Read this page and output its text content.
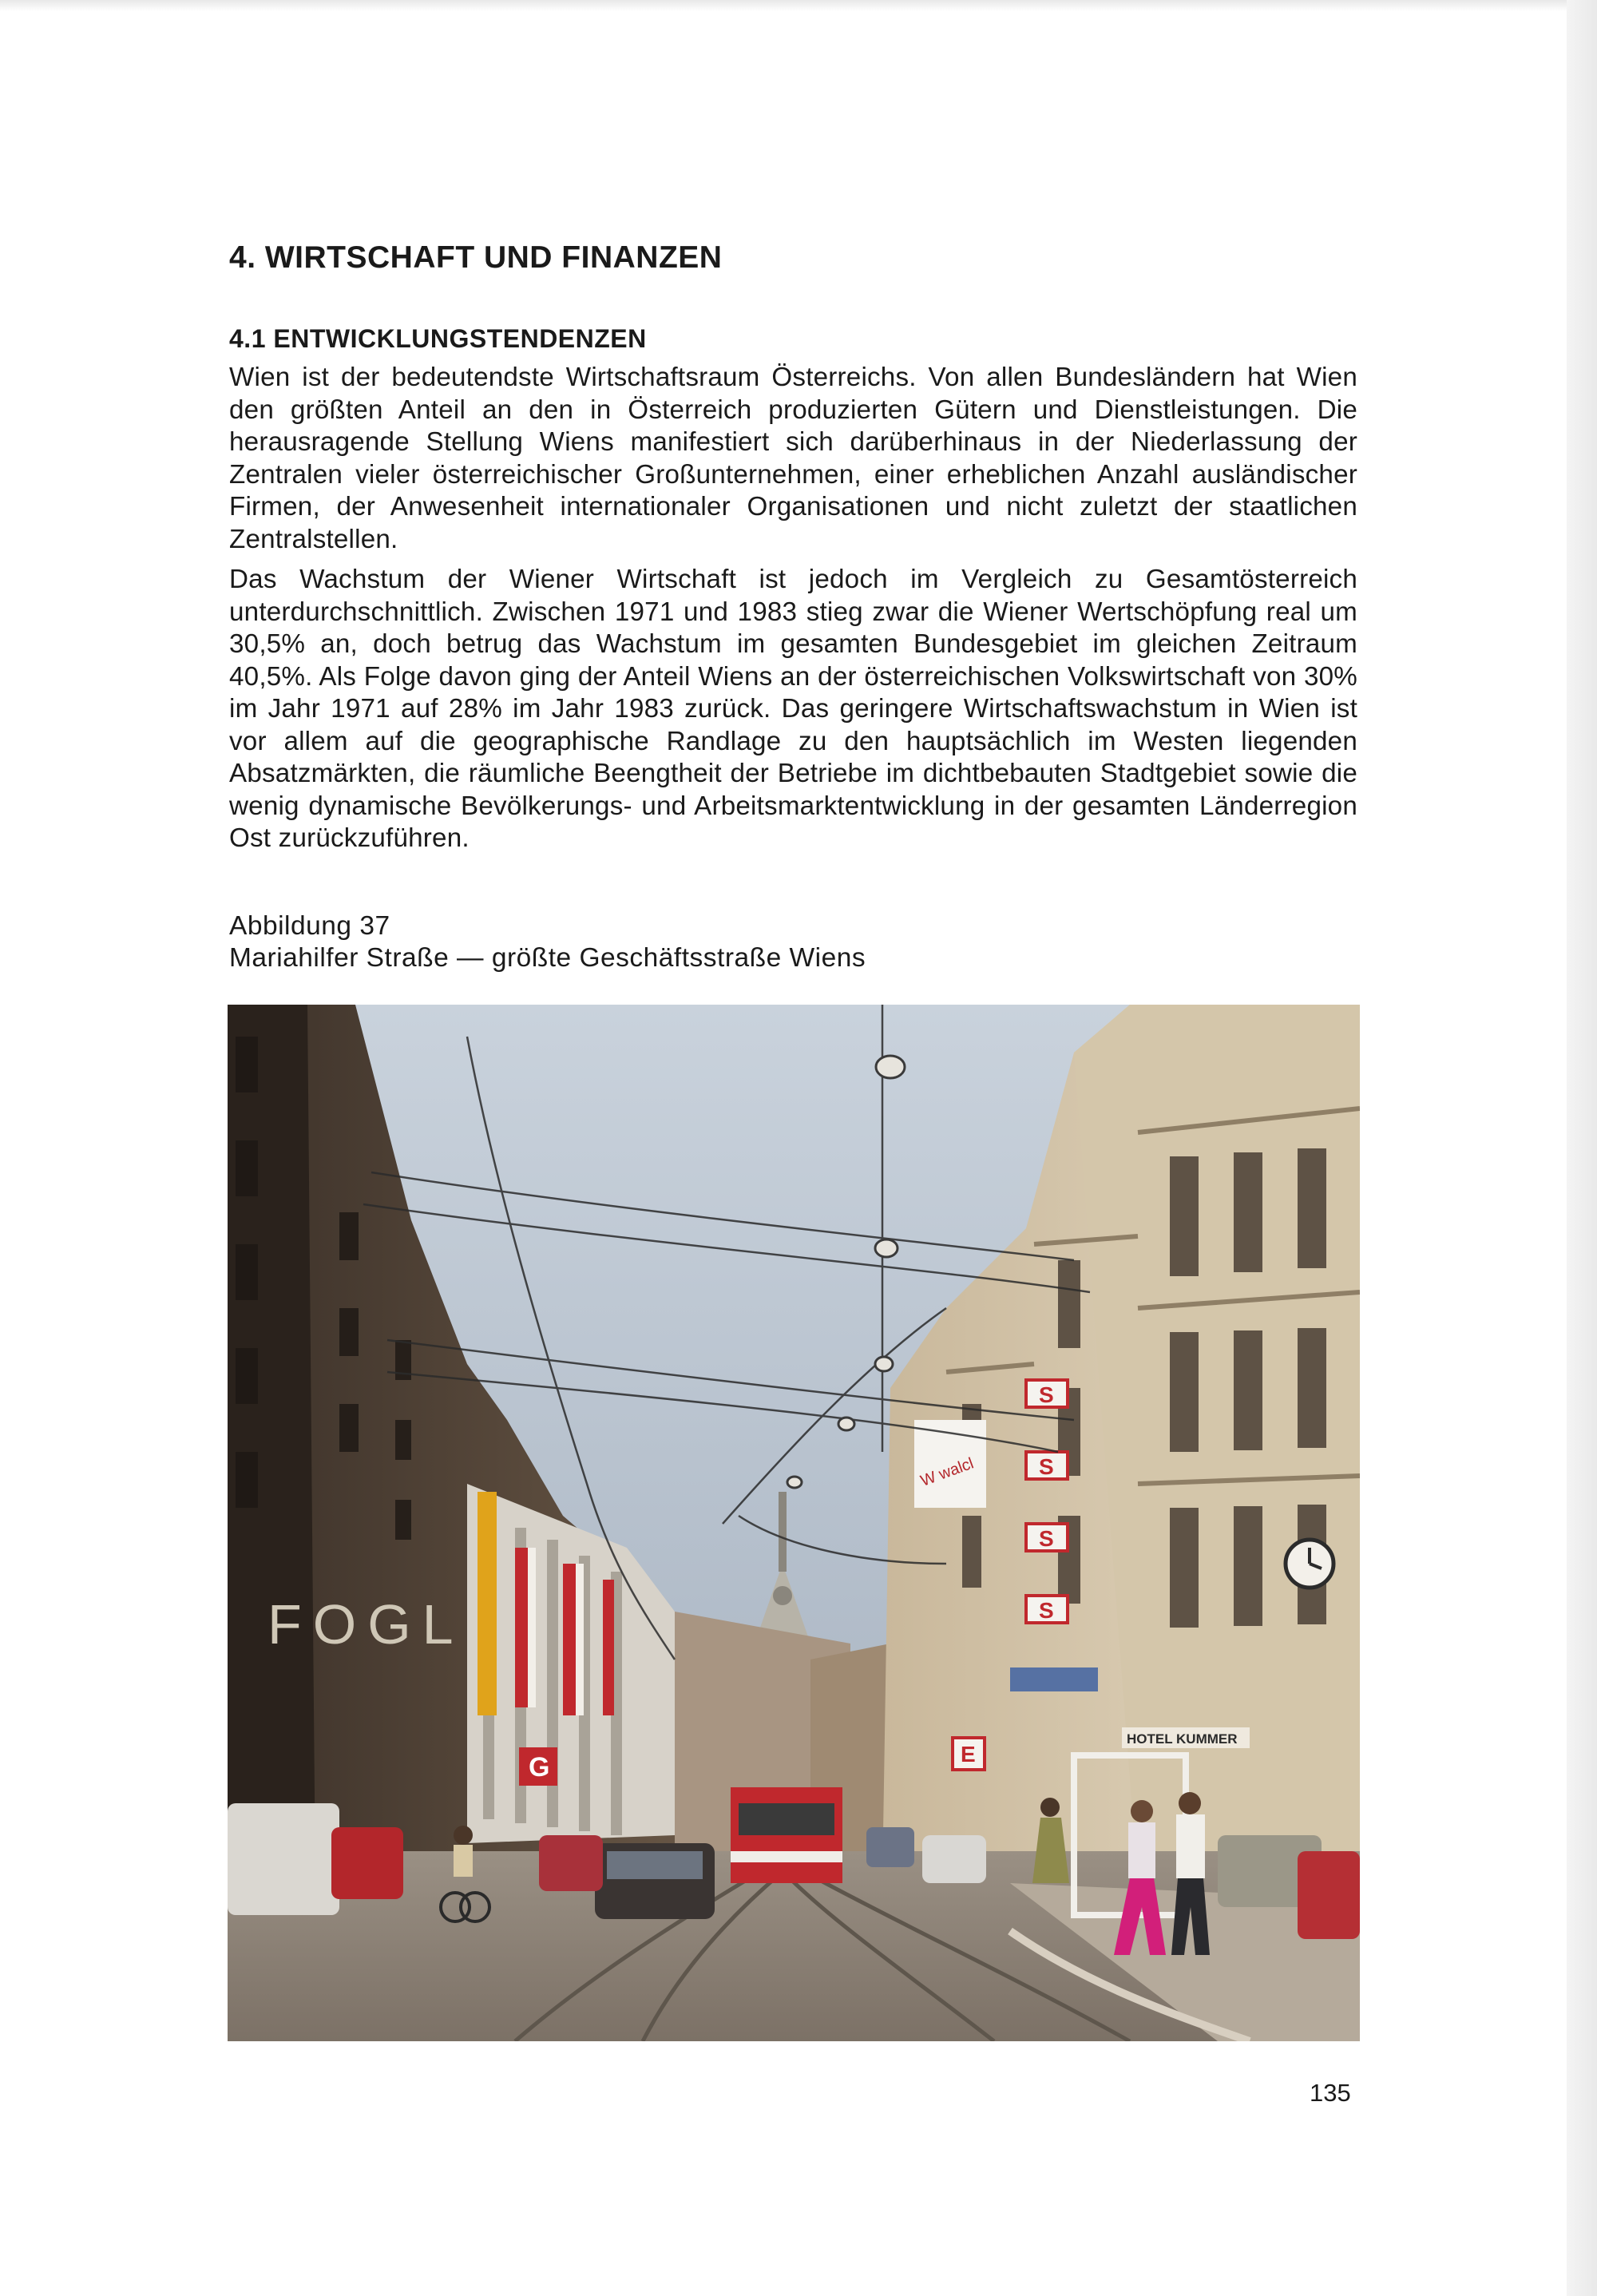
4. WIRTSCHAFT UND FINANZEN
4.1 ENTWICKLUNGSTENDENZEN

Wien ist der bedeutendste Wirtschaftsraum Österreichs. Von allen Bundesländern hat Wien den größten Anteil an den in Österreich produzierten Gütern und Dienstleistungen. Die herausragende Stellung Wiens manifestiert sich darüberhinaus in der Niederlassung der Zentralen vieler österreichischer Großunternehmen, einer erheblichen Anzahl ausländischer Firmen, der Anwesenheit internationaler Organisationen und nicht zuletzt der staatlichen Zentralstellen.

Das Wachstum der Wiener Wirtschaft ist jedoch im Vergleich zu Gesamtösterreich unterdurchschnittlich. Zwischen 1971 und 1983 stieg zwar die Wiener Wertschöpfung real um 30,5% an, doch betrug das Wachstum im gesamten Bundesgebiet im gleichen Zeitraum 40,5%. Als Folge davon ging der Anteil Wiens an der österreichischen Volkswirtschaft von 30% im Jahr 1971 auf 28% im Jahr 1983 zurück. Das geringere Wirtschaftswachstum in Wien ist vor allem auf die geographische Randlage zu den hauptsächlich im Westen liegenden Absatzmärkten, die räumliche Beengtheit der Betriebe im dichtbebauten Stadtgebiet sowie die wenig dynamische Bevölkerungs- und Arbeitsmarktentwicklung in der gesamten Länderregion Ost zurückzuführen.

Abbildung 37
Mariahilfer Straße — größte Geschäftsstraße Wiens
FOGL
W walcl
S
S
S
S
HOTEL KUMMER
G	E
135
